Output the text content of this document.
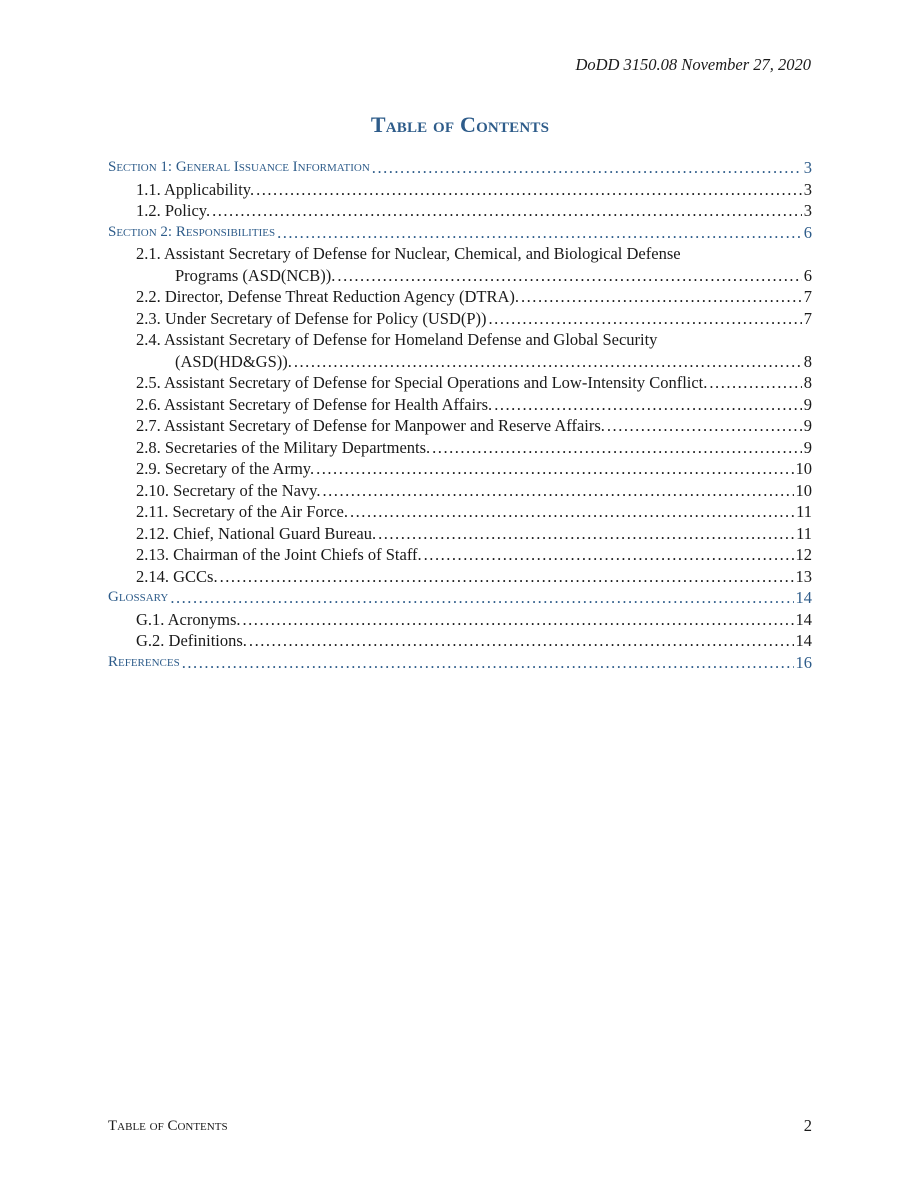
DoDD 3150.08 November 27, 2020
Table of Contents
Section 1: General Issuance Information . . .	3
1.1. Applicability. . . .	3
1.2. Policy. . . .	3
Section 2: Responsibilities . . .	6
2.1. Assistant Secretary of Defense for Nuclear, Chemical, and Biological Defense
Programs (ASD(NCB)). . . .	6
2.2. Director, Defense Threat Reduction Agency (DTRA). . . .	7
2.3. Under Secretary of Defense for Policy (USD(P)) . . .	7
2.4. Assistant Secretary of Defense for Homeland Defense and Global Security
(ASD(HD&GS)). . . .	8
2.5. Assistant Secretary of Defense for Special Operations and Low-Intensity Conflict. . . .	8
2.6. Assistant Secretary of Defense for Health Affairs. . . .	9
2.7. Assistant Secretary of Defense for Manpower and Reserve Affairs. . . .	9
2.8. Secretaries of the Military Departments. . . .	9
2.9. Secretary of the Army. . . .	10
2.10. Secretary of the Navy. . . .	10
2.11. Secretary of the Air Force. . . .	11
2.12. Chief, National Guard Bureau. . . .	11
2.13. Chairman of the Joint Chiefs of Staff. . . .	12
2.14. GCCs. . . .	13
Glossary . . .	14
G.1. Acronyms. . . .	14
G.2. Definitions. . . .	14
References . . .	16
Table of Contents	2
